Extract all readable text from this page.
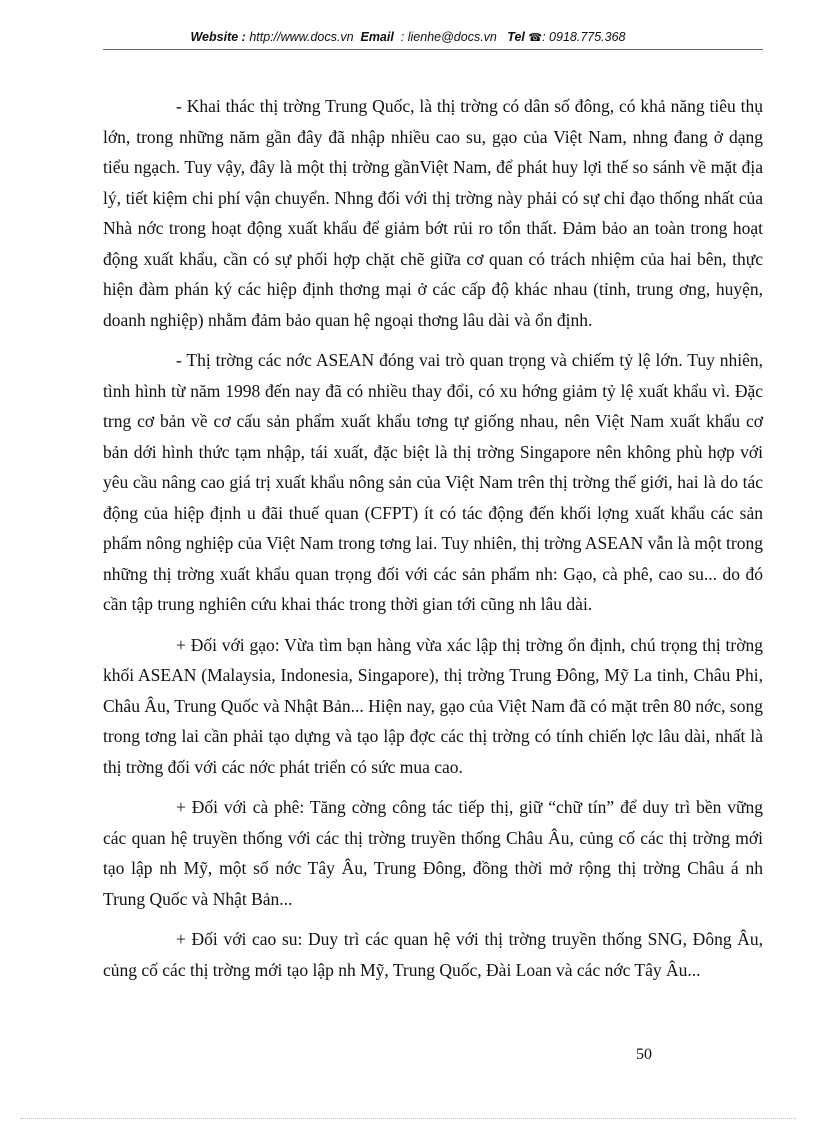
Website : http://www.docs.vn Email : lienhe@docs.vn Tel ☎: 0918.775.368

- Khai thác thị trờng Trung Quốc, là thị trờng có dân số đông, có khả năng tiêu thụ lớn, trong những năm gần đây đã nhập nhiều cao su, gạo của Việt Nam, nhng đang ở dạng tiểu ngạch. Tuy vậy, đây là một thị trờng gầnViệt Nam, để phát huy lợi thế so sánh về mặt địa lý, tiết kiệm chi phí vận chuyển. Nhng đối với thị trờng này phải có sự chỉ đạo thống nhất của Nhà nớc trong hoạt động xuất khẩu để giảm bớt rủi ro tổn thất. Đảm bảo an toàn trong hoạt động xuất khẩu, cần có sự phối hợp chặt chẽ giữa cơ quan có trách nhiệm của hai bên, thực hiện đàm phán ký các hiệp định thơng mại ở các cấp độ khác nhau (tỉnh, trung ơng, huyện, doanh nghiệp) nhằm đảm bảo quan hệ ngoại thơng lâu dài và ổn định.

- Thị trờng các nớc ASEAN đóng vai trò quan trọng và chiếm tỷ lệ lớn. Tuy nhiên, tình hình từ năm 1998 đến nay đã có nhiều thay đổi, có xu hớng giảm tỷ lệ xuất khẩu vì. Đặc trng cơ bản về cơ cấu sản phẩm xuất khẩu tơng tự giống nhau, nên Việt Nam xuất khẩu cơ bản dới hình thức tạm nhập, tái xuất, đặc biệt là thị trờng Singapore nên không phù hợp với yêu cầu nâng cao giá trị xuất khẩu nông sản của Việt Nam trên thị trờng thế giới, hai là do tác động của hiệp định u đãi thuế quan (CFPT) ít có tác động đến khối lợng xuất khẩu các sản phẩm nông nghiệp của Việt Nam trong tơng lai. Tuy nhiên, thị trờng ASEAN vẫn là một trong những thị trờng xuất khẩu quan trọng đối với các sản phẩm nh: Gạo, cà phê, cao su... do đó cần tập trung nghiên cứu khai thác trong thời gian tới cũng nh lâu dài.

+ Đối với gạo: Vừa tìm bạn hàng vừa xác lập thị trờng ổn định, chú trọng thị trờng khối ASEAN (Malaysia, Indonesia, Singapore), thị trờng Trung Đông, Mỹ La tinh, Châu Phi, Châu Âu, Trung Quốc và Nhật Bản... Hiện nay, gạo của Việt Nam đã có mặt trên 80 nớc, song trong tơng lai cần phải tạo dựng và tạo lập đợc các thị trờng có tính chiến lợc lâu dài, nhất là thị trờng đối với các nớc phát triển có sức mua cao.

+ Đối với cà phê: Tăng cờng công tác tiếp thị, giữ “chữ tín” để duy trì bền vững các quan hệ truyền thống với các thị trờng truyền thống Châu Âu, củng cố các thị trờng mới tạo lập nh Mỹ, một số nớc Tây Âu, Trung Đông, đồng thời mở rộng thị trờng Châu á nh Trung Quốc và Nhật Bản...

+ Đối với cao su: Duy trì các quan hệ với thị trờng truyền thống SNG, Đông Âu, củng cố các thị trờng mới tạo lập nh Mỹ, Trung Quốc, Đài Loan và các nớc Tây Âu...

50
